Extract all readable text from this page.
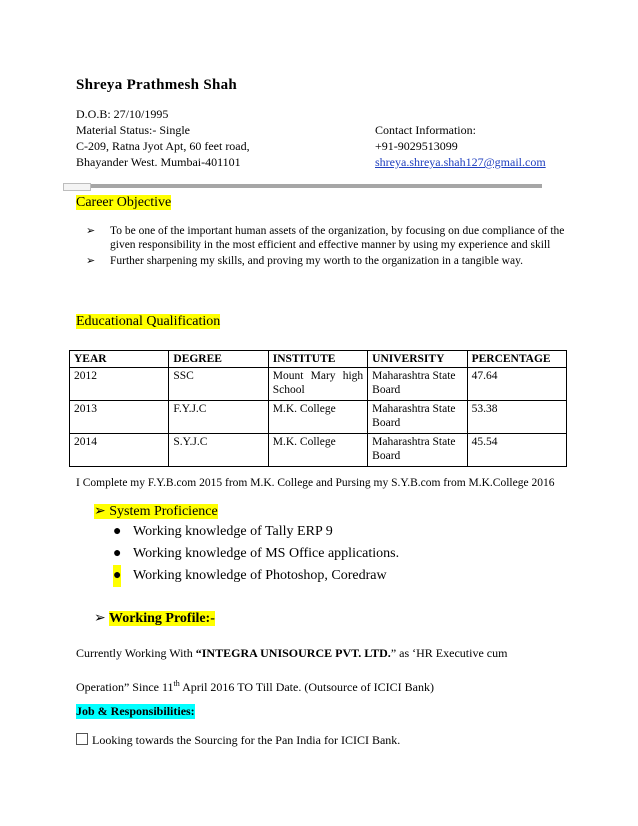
Shreya Prathmesh Shah
D.O.B: 27/10/1995
Material Status:- Single
C-209, Ratna Jyot Apt, 60 feet road,
Bhayander West. Mumbai-401101
Contact Information:
+91-9029513099
shreya.shreya.shah127@gmail.com
Career Objective
➢ To be one of the important human assets of the organization, by focusing on due compliance of the given responsibility in the most efficient and effective manner by using my experience and skill
➢ Further sharpening my skills, and proving my worth to the organization in a tangible way.
Educational Qualification
YEAR	DEGREE	INSTITUTE	UNIVERSITY	PERCENTAGE
2012	SSC	Mount Mary high School	Maharashtra State Board	47.64
2013	F.Y.J.C	M.K. College	Maharashtra State Board	53.38
2014	S.Y.J.C	M.K. College	Maharashtra State Board	45.54
I Complete my F.Y.B.com 2015 from M.K. College and Pursing my S.Y.B.com from M.K.College 2016
➢ System Proficience
● Working knowledge of Tally ERP 9
● Working knowledge of MS Office applications.
● Working knowledge of Photoshop, Coredraw
➢ Working Profile:-
Currently Working With “INTEGRA UNISOURCE PVT. LTD.” as ‘HR Executive cum
Operation” Since 11th April 2016 TO Till Date. (Outsource of ICICI Bank)
Job & Responsibilities:
Looking towards the Sourcing for the Pan India for ICICI Bank.
